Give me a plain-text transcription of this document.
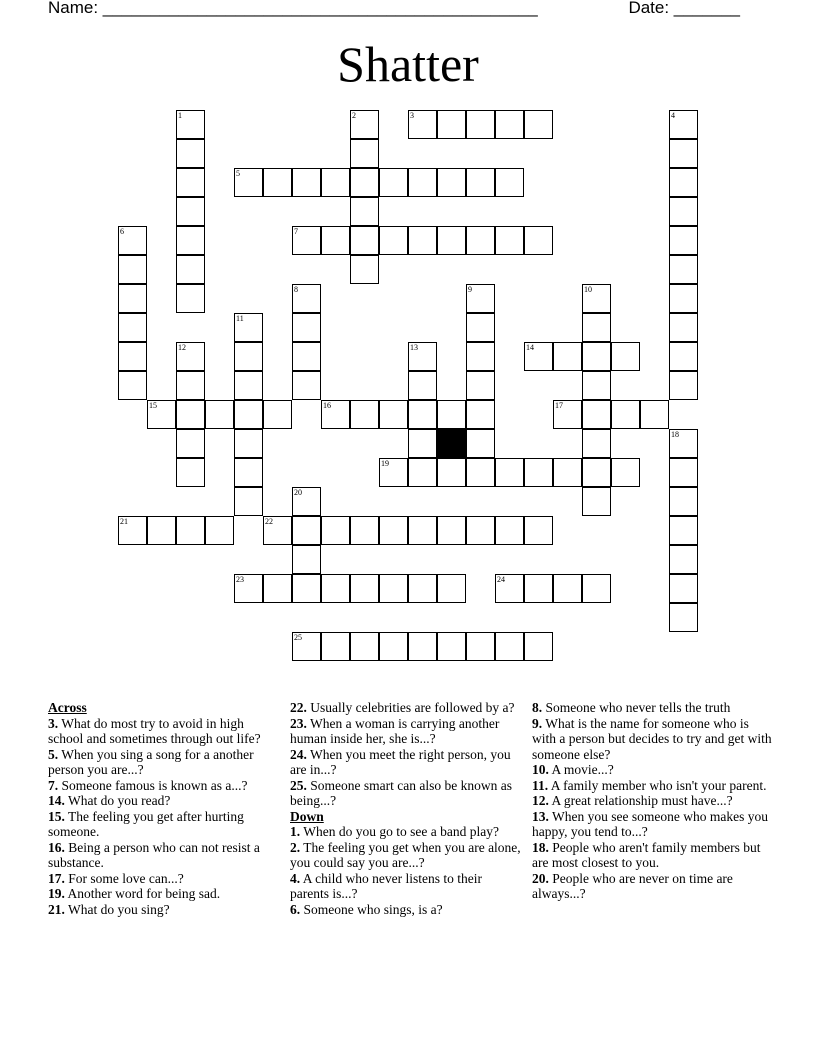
Name: ______________________________________________	Date: _______
Shatter
1	2	3	4
5
6	7
8	9	10
11
12	13	14
15	16	17
18
19
20
21	22
23	24
25
Across
3. What do most try to avoid in high school and sometimes through out life?
5. When you sing a song for a another person you are...?
7. Someone famous is known as a...?
14. What do you read?
15. The feeling you get after hurting someone.
16. Being a person who can not resist a substance.
17. For some love can...?
19. Another word for being sad.
21. What do you sing?
22. Usually celebrities are followed by a?
23. When a woman is carrying another human inside her, she is...?
24. When you meet the right person, you are in...?
25. Someone smart can also be known as being...?
Down
1. When do you go to see a band play?
2. The feeling you get when you are alone, you could say you are...?
4. A child who never listens to their parents is...?
6. Someone who sings, is a?
8. Someone who never tells the truth
9. What is the name for someone who is with a person but decides to try and get with someone else?
10. A movie...?
11. A family member who isn't your parent.
12. A great relationship must have...?
13. When you see someone who makes you happy, you tend to...?
18. People who aren't family members but are most closest to you.
20. People who are never on time are always...?
